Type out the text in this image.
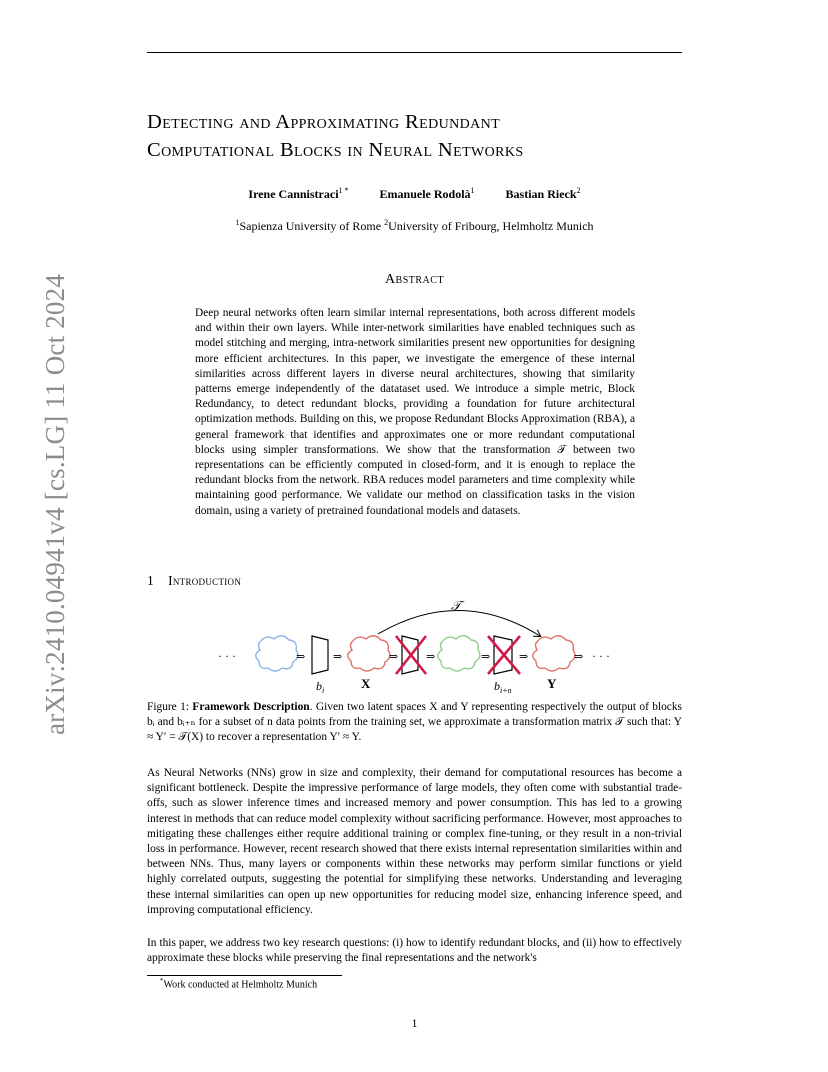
arXiv:2410.04941v4 [cs.LG] 11 Oct 2024
Detecting and Approximating Redundant
Computational Blocks in Neural Networks
Irene Cannistraci$^{1 *}$	Emanuele Rodolà$^1$	Bastian Rieck$^2$
$^1$Sapienza University of Rome $^2$University of Fribourg, Helmholtz Munich
Abstract
Deep neural networks often learn similar internal representations, both across different models and within their own layers. While inter-network similarities have enabled techniques such as model stitching and merging, intra-network similarities present new opportunities for designing more efficient architectures. In this paper, we investigate the emergence of these internal similarities across different layers in diverse neural architectures, showing that similarity patterns emerge independently of the datataset used. We introduce a simple metric, Block Redundancy, to detect redundant blocks, providing a foundation for future architectural optimization methods. Building on this, we propose Redundant Blocks Approximation (RBA), a general framework that identifies and approximates one or more redundant computational blocks using simpler transformations. We show that the transformation 𝒯 between two representations can be efficiently computed in closed-form, and it is enough to replace the redundant blocks from the network. RBA reduces model parameters and time complexity while maintaining good performance. We validate our method on classification tasks in the vision domain, using a variety of pretrained foundational models and datasets.
1 Introduction
· · ·	⇒	⇒	⇒	⇒	⇒	⇒	⇒ · · ·
𝒯
$b_i$	X	$b_{i+n}$	Y
Figure 1: Framework Description. Given two latent spaces X and Y representing respectively the output of blocks bᵢ and bᵢ₊ₙ for a subset of n data points from the training set, we approximate a transformation matrix 𝒯 such that: Y ≈ Y′ = 𝒯(X) to recover a representation Y′ ≈ Y.
As Neural Networks (NNs) grow in size and complexity, their demand for computational resources has become a significant bottleneck. Despite the impressive performance of large models, they often come with substantial trade-offs, such as slower inference times and increased memory and power consumption. This has led to a growing interest in methods that can reduce model complexity without sacrificing performance. However, most approaches to mitigating these challenges either require additional training or complex fine-tuning, or they result in a non-trivial loss in performance. However, recent research showed that there exists internal representation similarities within and between NNs. Thus, many layers or components within these networks may perform similar functions or yield highly correlated outputs, suggesting the potential for simplifying these networks. Understanding and leveraging these internal similarities can open up new opportunities for reducing model size, enhancing inference speed, and improving computational efficiency.
In this paper, we address two key research questions: (i) how to identify redundant blocks, and (ii) how to effectively approximate these blocks while preserving the final representations and the network's
*Work conducted at Helmholtz Munich
1
